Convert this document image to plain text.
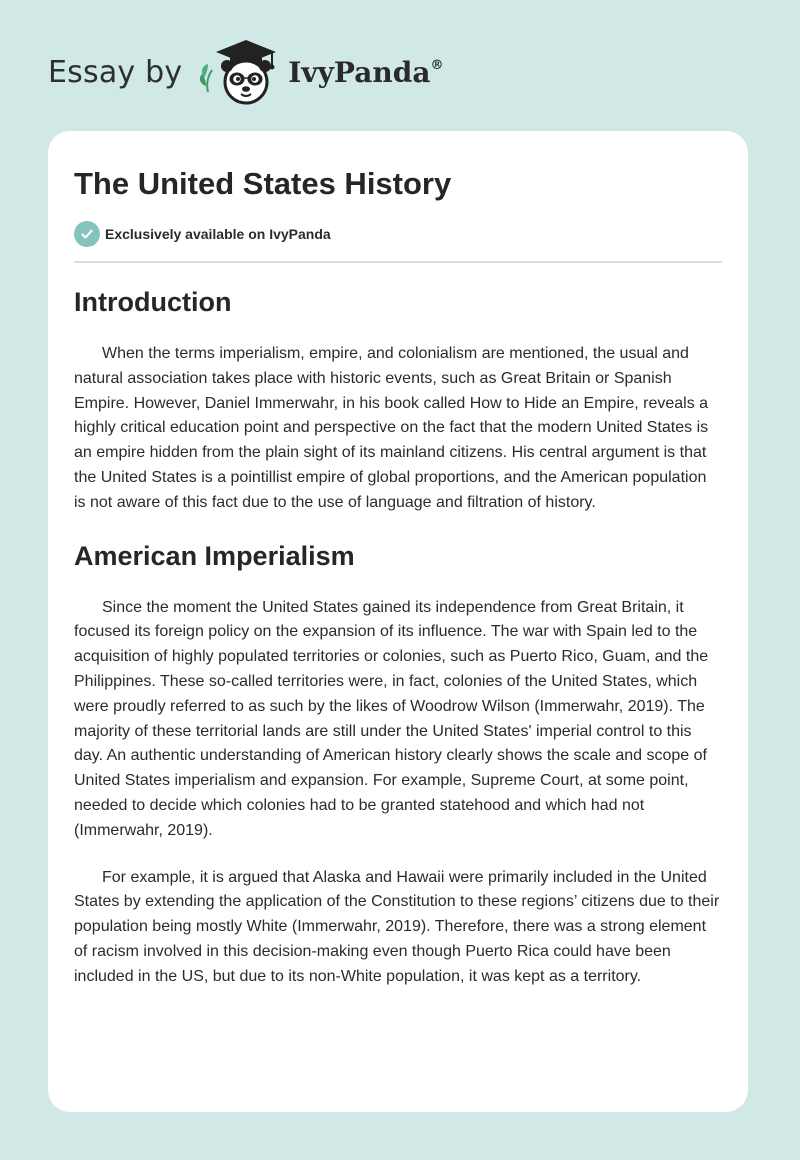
Essay by	IvyPanda®
The United States History
Exclusively available on IvyPanda
Introduction

When the terms imperialism, empire, and colonialism are mentioned, the usual and natural association takes place with historic events, such as Great Britain or Spanish Empire. However, Daniel Immerwahr, in his book called How to Hide an Empire, reveals a highly critical education point and perspective on the fact that the modern United States is an empire hidden from the plain sight of its mainland citizens. His central argument is that the United States is a pointillist empire of global proportions, and the American population is not aware of this fact due to the use of language and filtration of history.

American Imperialism

Since the moment the United States gained its independence from Great Britain, it focused its foreign policy on the expansion of its influence. The war with Spain led to the acquisition of highly populated territories or colonies, such as Puerto Rico, Guam, and the Philippines. These so-called territories were, in fact, colonies of the United States, which were proudly referred to as such by the likes of Woodrow Wilson (Immerwahr, 2019). The majority of these territorial lands are still under the United States' imperial control to this day. An authentic understanding of American history clearly shows the scale and scope of United States imperialism and expansion. For example, Supreme Court, at some point, needed to decide which colonies had to be granted statehood and which had not (Immerwahr, 2019).

For example, it is argued that Alaska and Hawaii were primarily included in the United States by extending the application of the Constitution to these regions’ citizens due to their population being mostly White (Immerwahr, 2019). Therefore, there was a strong element of racism involved in this decision-making even though Puerto Rica could have been included in the US, but due to its non-White population, it was kept as a territory.
